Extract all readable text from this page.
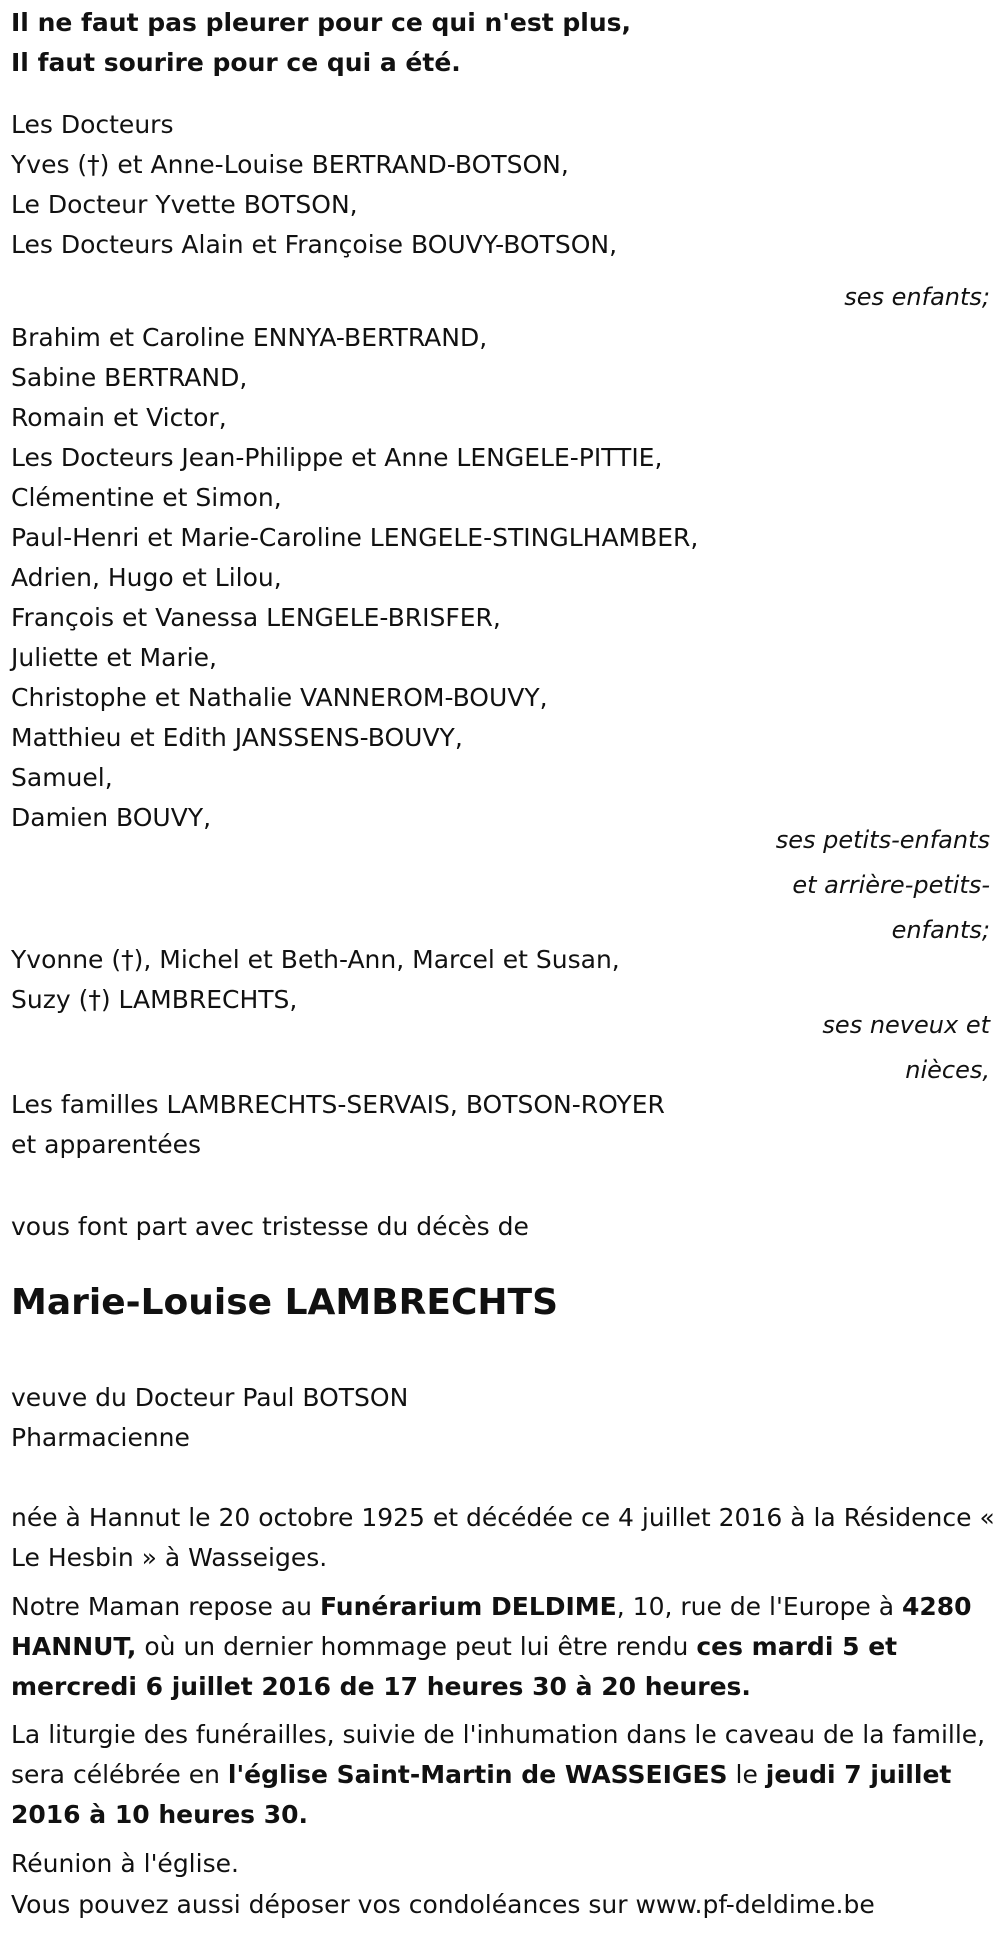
Il ne faut pas pleurer pour ce qui n'est plus,
Il faut sourire pour ce qui a été.
Les Docteurs
Yves (†) et Anne-Louise BERTRAND-BOTSON,
Le Docteur Yvette BOTSON,
Les Docteurs Alain et Françoise BOUVY-BOTSON,
ses enfants;
Brahim et Caroline ENNYA-BERTRAND,
Sabine BERTRAND,
Romain et Victor,
Les Docteurs Jean-Philippe et Anne LENGELE-PITTIE,
Clémentine et Simon,
Paul-Henri et Marie-Caroline LENGELE-STINGLHAMBER,
Adrien, Hugo et Lilou,
François et Vanessa LENGELE-BRISFER,
Juliette et Marie,
Christophe et Nathalie VANNEROM-BOUVY,
Matthieu et Edith JANSSENS-BOUVY,
Samuel,
Damien BOUVY,
ses petits-enfants
et arrière-petits-
enfants;
Yvonne (†), Michel et Beth-Ann, Marcel et Susan,
Suzy (†) LAMBRECHTS,
ses neveux et
nièces,
Les familles LAMBRECHTS-SERVAIS, BOTSON-ROYER
et apparentées
vous font part avec tristesse du décès de
Marie-Louise LAMBRECHTS
veuve du Docteur Paul BOTSON
Pharmacienne
née à Hannut le 20 octobre 1925 et décédée ce 4 juillet 2016 à la Résidence « Le Hesbin » à Wasseiges.
Notre Maman repose au Funérarium DELDIME, 10, rue de l'Europe à 4280 HANNUT, où un dernier hommage peut lui être rendu ces mardi 5 et mercredi 6 juillet 2016 de 17 heures 30 à 20 heures.
La liturgie des funérailles, suivie de l'inhumation dans le caveau de la famille, sera célébrée en l'église Saint-Martin de WASSEIGES le jeudi 7 juillet 2016 à 10 heures 30.
Réunion à l'église.
Vous pouvez aussi déposer vos condoléances sur www.pf-deldime.be
